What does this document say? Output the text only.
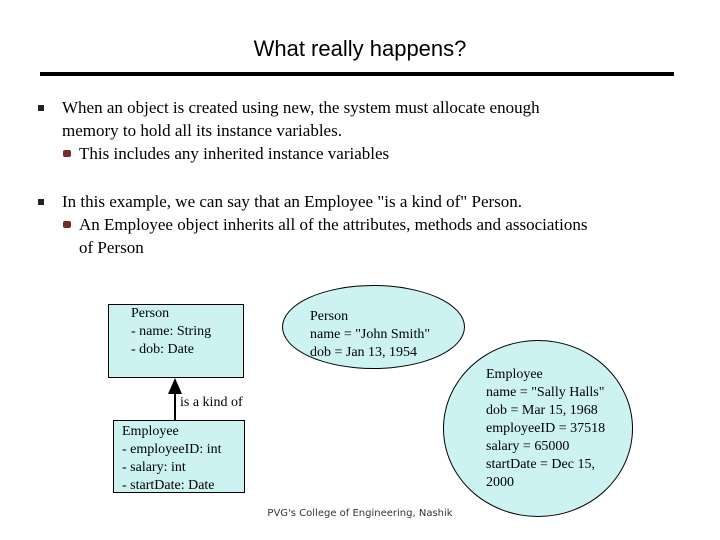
What really happens?
When an object is created using new, the system must allocate enough
memory to hold all its instance variables.
This includes any inherited instance variables
In this example, we can say that an Employee "is a kind of" Person.
An Employee object inherits all of the attributes, methods and associations
of Person
Person
- name: String
- dob: Date
is a kind of
Employee
- employeeID: int
- salary: int
- startDate: Date
Person
name = "John Smith"
dob = Jan 13, 1954
Employee
name = "Sally Halls"
dob = Mar 15, 1968
employeeID = 37518
salary = 65000
startDate = Dec 15,
2000
PVG's College of Engineering, Nashik
